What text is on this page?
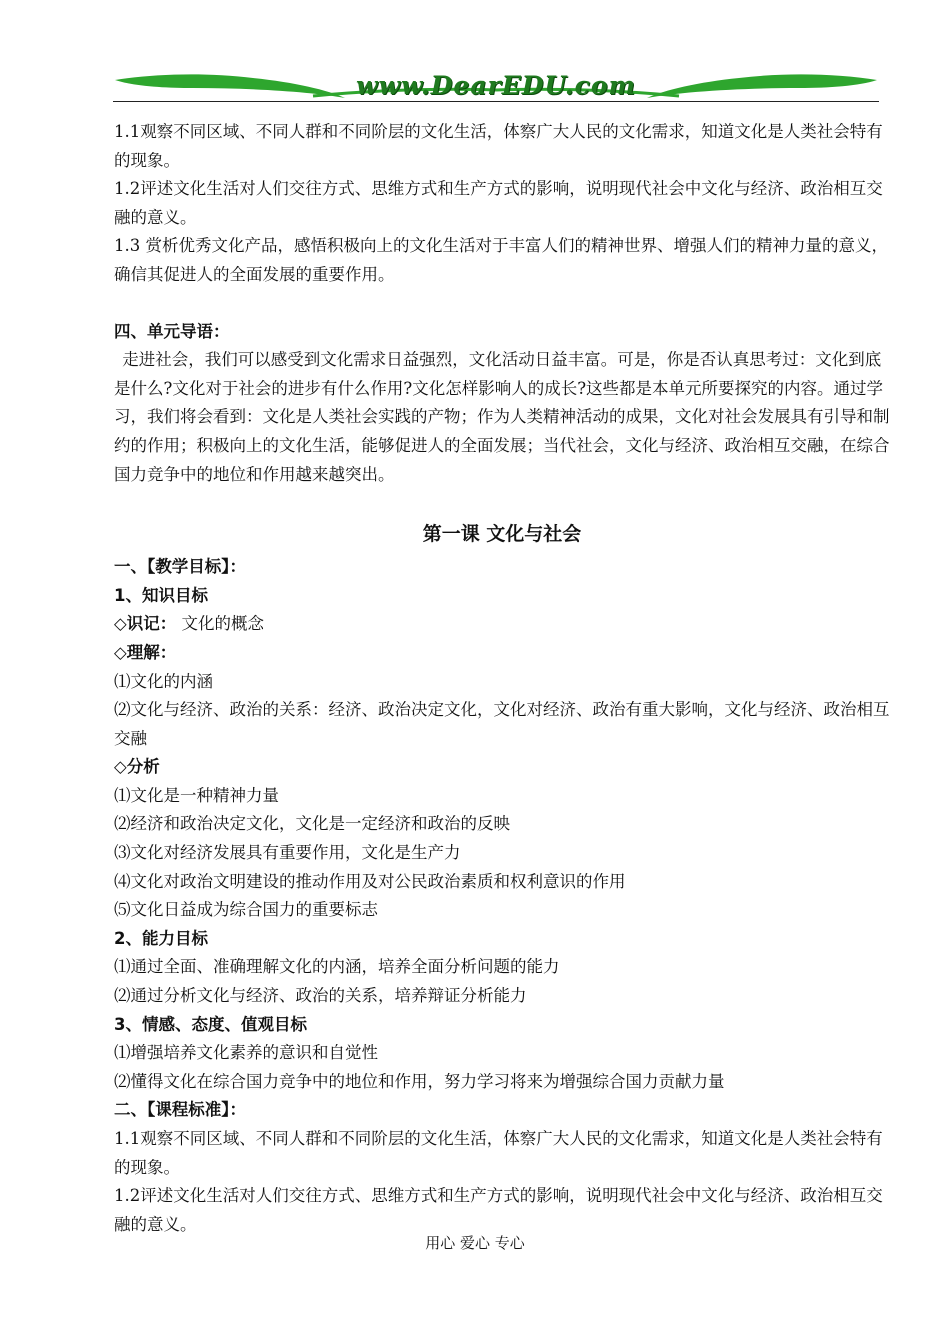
www.DearEDU.com

1.1观察不同区域、不同人群和不同阶层的文化生活，体察广大人民的文化需求，知道文化是人类社会特有的现象。

1.2评述文化生活对人们交往方式、思维方式和生产方式的影响，说明现代社会中文化与经济、政治相互交融的意义。

1.3 赏析优秀文化产品，感悟积极向上的文化生活对于丰富人们的精神世界、增强人们的精神力量的意义，确信其促进人的全面发展的重要作用。

四、单元导语：

走进社会，我们可以感受到文化需求日益强烈，文化活动日益丰富。可是，你是否认真思考过：文化到底是什么?文化对于社会的进步有什么作用?文化怎样影响人的成长?这些都是本单元所要探究的内容。通过学习，我们将会看到：文化是人类社会实践的产物；作为人类精神活动的成果，文化对社会发展具有引导和制约的作用；积极向上的文化生活，能够促进人的全面发展；当代社会，文化与经济、政治相互交融，在综合国力竞争中的地位和作用越来越突出。

第一课 文化与社会

一、【教学目标】：

1、知识目标

◇识记： 文化的概念

◇理解：

⑴文化的内涵

⑵文化与经济、政治的关系：经济、政治决定文化，文化对经济、政治有重大影响，文化与经济、政治相互交融

◇分析

⑴文化是一种精神力量

⑵经济和政治决定文化，文化是一定经济和政治的反映

⑶文化对经济发展具有重要作用，文化是生产力

⑷文化对政治文明建设的推动作用及对公民政治素质和权利意识的作用

⑸文化日益成为综合国力的重要标志

2、能力目标

⑴通过全面、准确理解文化的内涵，培养全面分析问题的能力

⑵通过分析文化与经济、政治的关系，培养辩证分析能力

3、情感、态度、值观目标

⑴增强培养文化素养的意识和自觉性

⑵懂得文化在综合国力竞争中的地位和作用，努力学习将来为增强综合国力贡献力量

二、【课程标准】：

1.1观察不同区域、不同人群和不同阶层的文化生活，体察广大人民的文化需求，知道文化是人类社会特有的现象。

1.2评述文化生活对人们交往方式、思维方式和生产方式的影响，说明现代社会中文化与经济、政治相互交融的意义。

用心 爱心 专心
